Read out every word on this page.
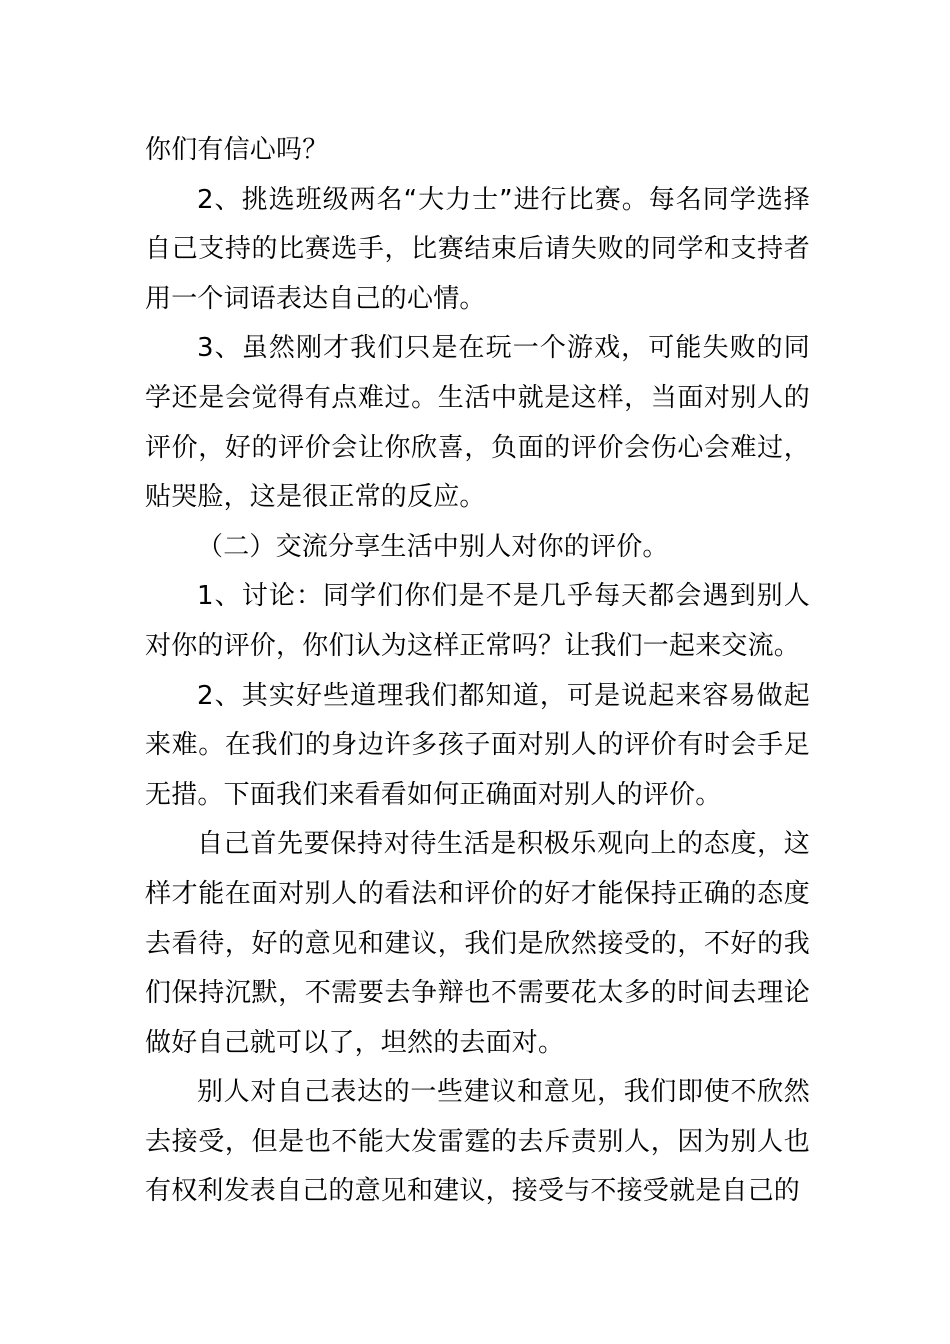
你们有信心吗？

2、挑选班级两名“大力士”进行比赛。每名同学选择自己支持的比赛选手，比赛结束后请失败的同学和支持者用一个词语表达自己的心情。

3、虽然刚才我们只是在玩一个游戏，可能失败的同学还是会觉得有点难过。生活中就是这样，当面对别人的评价，好的评价会让你欣喜，负面的评价会伤心会难过，贴哭脸，这是很正常的反应。

（二）交流分享生活中别人对你的评价。

1、讨论：同学们你们是不是几乎每天都会遇到别人对你的评价，你们认为这样正常吗？让我们一起来交流。

2、其实好些道理我们都知道，可是说起来容易做起来难。在我们的身边许多孩子面对别人的评价有时会手足无措。下面我们来看看如何正确面对别人的评价。

自己首先要保持对待生活是积极乐观向上的态度，这样才能在面对别人的看法和评价的好才能保持正确的态度去看待，好的意见和建议，我们是欣然接受的，不好的我们保持沉默，不需要去争辩也不需要花太多的时间去理论做好自己就可以了，坦然的去面对。

别人对自己表达的一些建议和意见，我们即使不欣然去接受，但是也不能大发雷霆的去斥责别人，因为别人也有权利发表自己的意见和建议，接受与不接受就是自己的
